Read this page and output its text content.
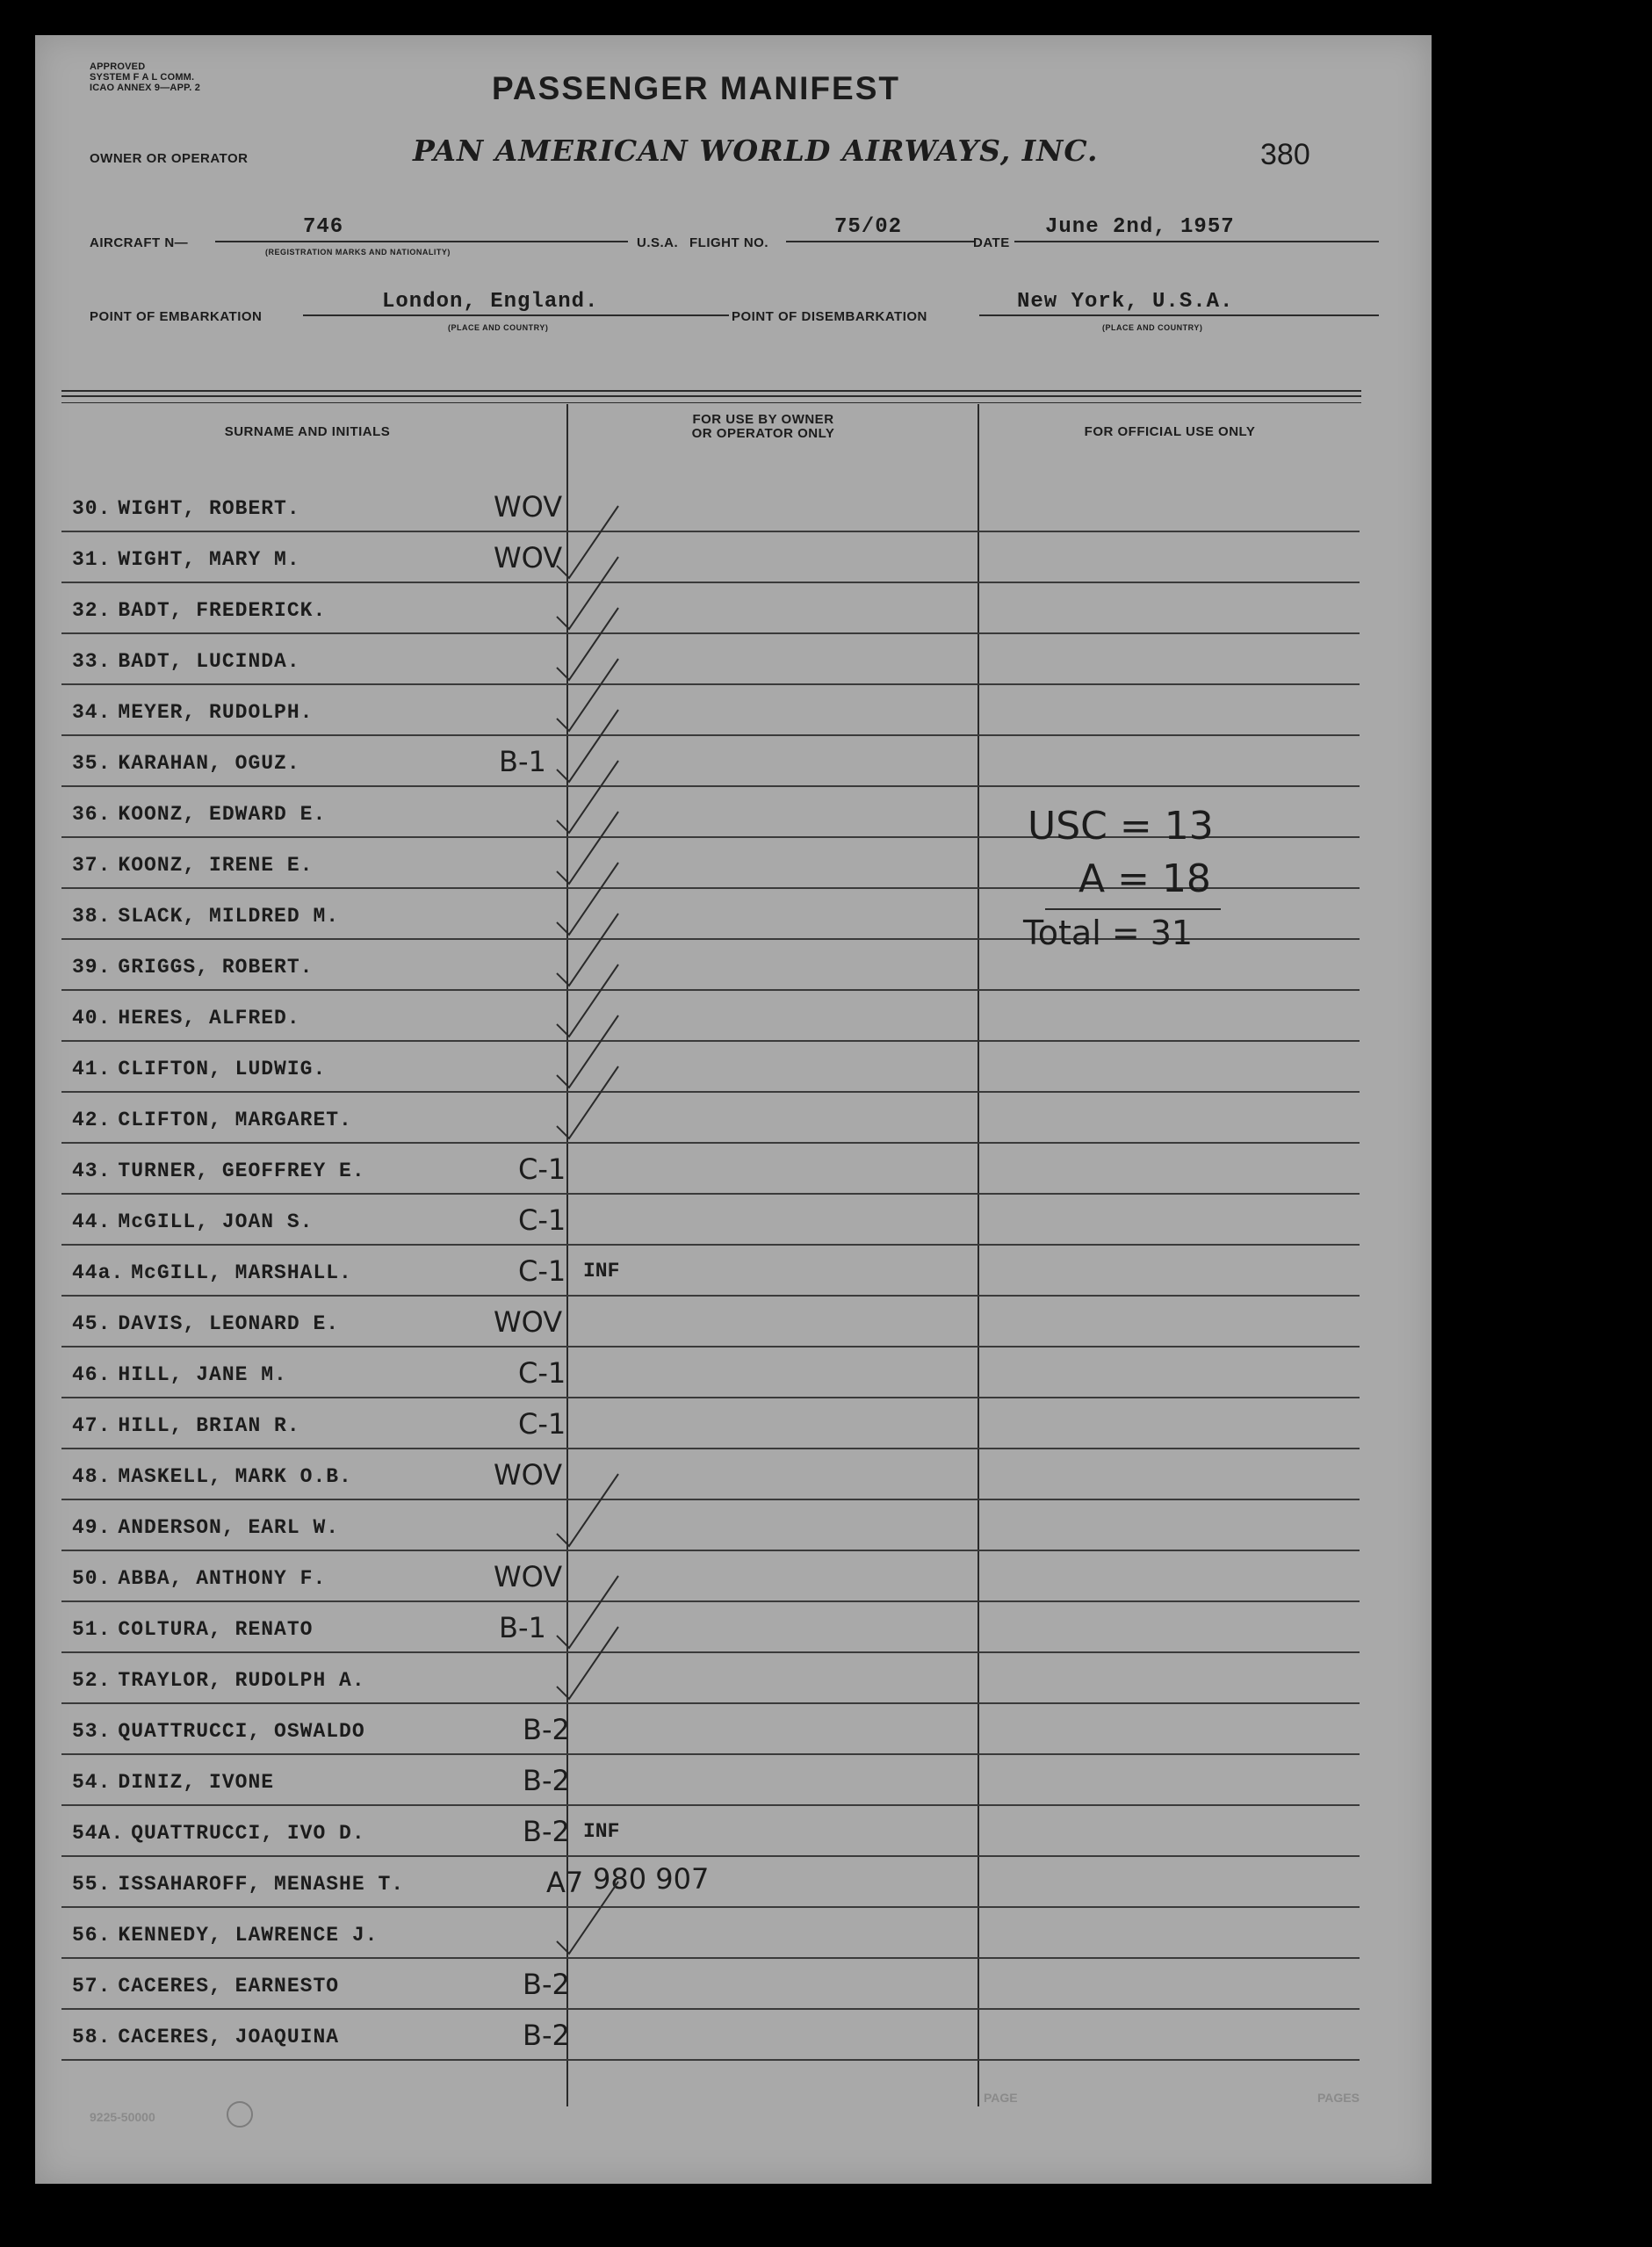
APPROVED
SYSTEM F A L COMM.
ICAO ANNEX 9—APP. 2	PASSENGER MANIFEST
OWNER OR OPERATOR	PAN AMERICAN WORLD AIRWAYS, INC.	380
AIRCRAFT N—
746
(REGISTRATION MARKS AND NATIONALITY)
U.S.A. FLIGHT NO.
75/02
DATE
June 2nd, 1957
POINT OF EMBARKATION
London, England.
(PLACE AND COUNTRY)
POINT OF DISEMBARKATION
New York, U.S.A.
(PLACE AND COUNTRY)
SURNAME AND INITIALS
FOR USE BY OWNER
OR OPERATOR ONLY	FOR OFFICIAL USE ONLY
30. WIGHT, ROBERT.	WOV
31. WIGHT, MARY M.	WOV
32. BADT, FREDERICK.
33. BADT, LUCINDA.
34. MEYER, RUDOLPH.
35. KARAHAN, OGUZ.	B-1
36. KOONZ, EDWARD E.
37. KOONZ, IRENE E.
38. SLACK, MILDRED M.
39. GRIGGS, ROBERT.
40. HERES, ALFRED.
41. CLIFTON, LUDWIG.
42. CLIFTON, MARGARET.
43. TURNER, GEOFFREY E.	C-1
44. McGILL, JOAN S.	C-1
44a. McGILL, MARSHALL.	C-1 INF
45. DAVIS, LEONARD E.	WOV
46. HILL, JANE M.	C-1
47. HILL, BRIAN R.	C-1
48. MASKELL, MARK O.B.	WOV
49. ANDERSON, EARL W.
50. ABBA, ANTHONY F.	WOV
51. COLTURA, RENATO	B-1
52. TRAYLOR, RUDOLPH A.
53. QUATTRUCCI, OSWALDO	B-2
54. DINIZ, IVONE	B-2
54A. QUATTRUCCI, IVO D.	B-2 INF
55. ISSAHAROFF, MENASHE T.	A7 980 907
56. KENNEDY, LAWRENCE J.
57. CACERES, EARNESTO	B-2
58. CACERES, JOAQUINA	B-2
USC = 13
A = 18
Total = 31
9225-50000
PAGE	PAGES
